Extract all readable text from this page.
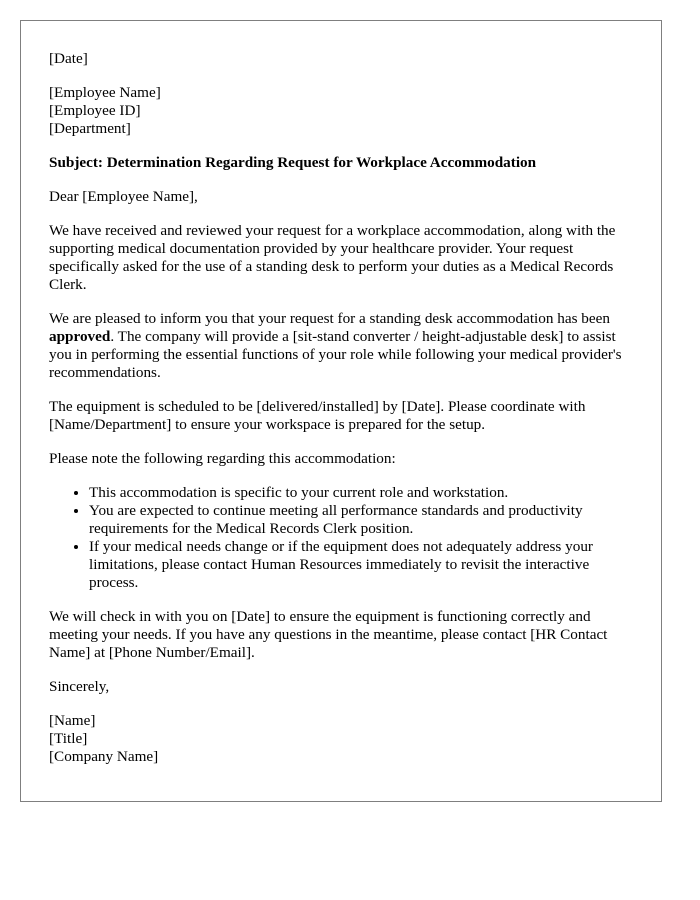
[Date]

[Employee Name]

[Employee ID]

[Department]

Subject: Determination Regarding Request for Workplace Accommodation

Dear [Employee Name],

We have received and reviewed your request for a workplace accommodation, along with the supporting medical documentation provided by your healthcare provider. Your request specifically asked for the use of a standing desk to perform your duties as a Medical Records Clerk.

We are pleased to inform you that your request for a standing desk accommodation has been approved. The company will provide a [sit-stand converter / height-adjustable desk] to assist you in performing the essential functions of your role while following your medical provider's recommendations.

The equipment is scheduled to be [delivered/installed] by [Date]. Please coordinate with [Name/Department] to ensure your workspace is prepared for the setup.

Please note the following regarding this accommodation:

• This accommodation is specific to your current role and workstation.
• You are expected to continue meeting all performance standards and productivity requirements for the Medical Records Clerk position.
• If your medical needs change or if the equipment does not adequately address your limitations, please contact Human Resources immediately to revisit the interactive process.

We will check in with you on [Date] to ensure the equipment is functioning correctly and meeting your needs. If you have any questions in the meantime, please contact [HR Contact Name] at [Phone Number/Email].

Sincerely,

[Name]

[Title]

[Company Name]
